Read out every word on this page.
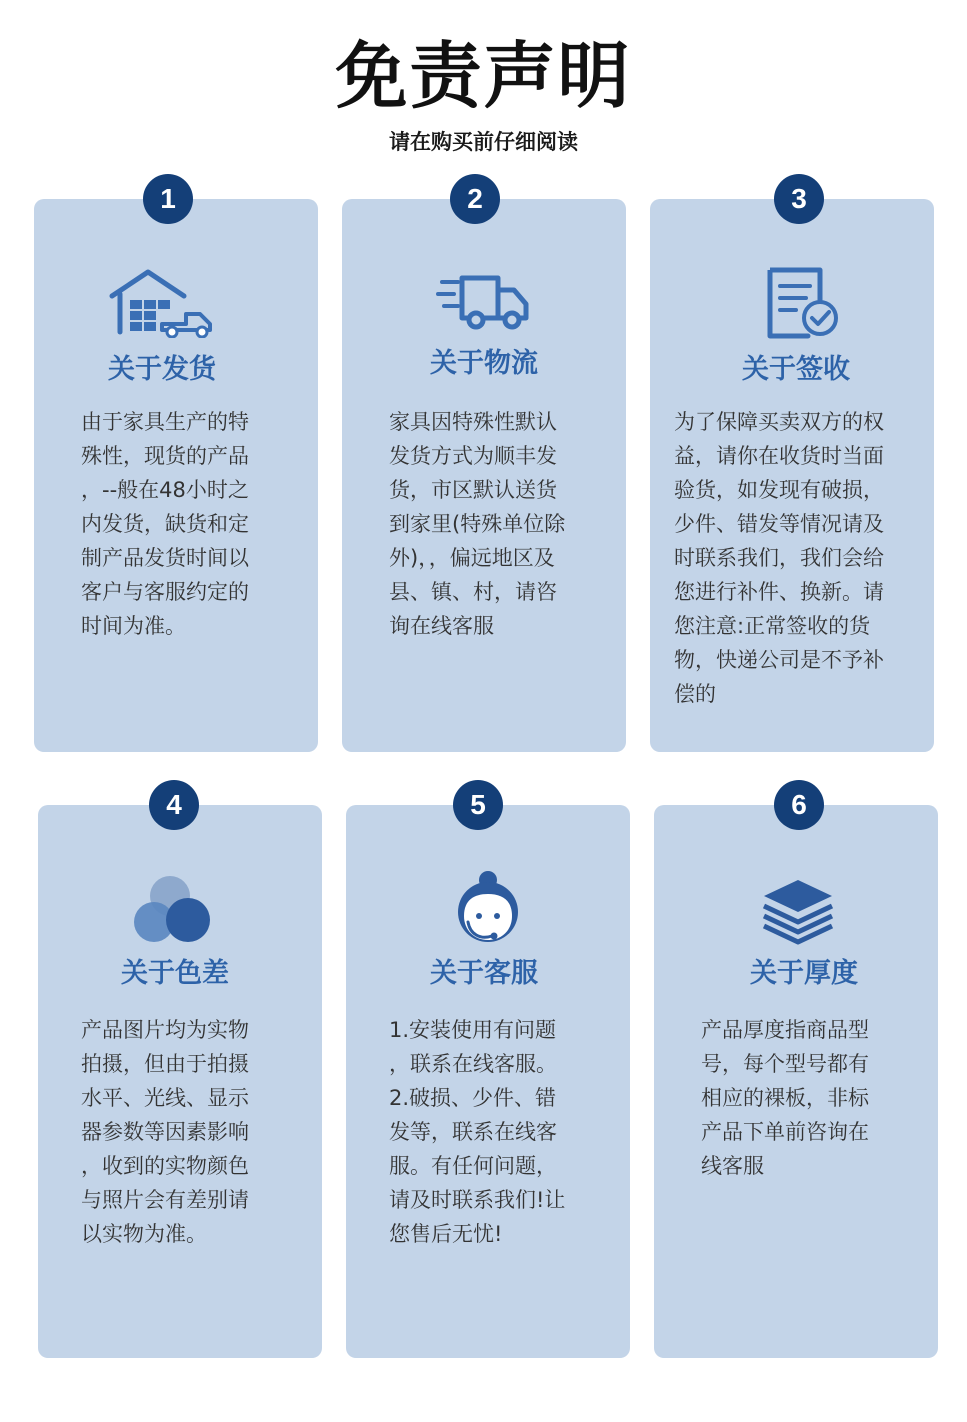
免责声明
请在购买前仔细阅读
1
关于发货
由于家具生产的特
殊性，现货的产品
，--般在48小时之
内发货，缺货和定
制产品发货时间以
客户与客服约定的
时间为准。
2
关于物流
家具因特殊性默认
发货方式为顺丰发
货，市区默认送货
到家里(特殊单位除
外)，，偏远地区及
县、镇、村，请咨
询在线客服
3
关于签收
为了保障买卖双方的权
益，请你在收货时当面
验货，如发现有破损，
少件、错发等情况请及
时联系我们，我们会给
您进行补件、换新。请
您注意:正常签收的货
物，快递公司是不予补
偿的
4
关于色差
产品图片均为实物
拍摄，但由于拍摄
水平、光线、显示
器参数等因素影响
，收到的实物颜色
与照片会有差别请
以实物为准。
5
关于客服
1.安装使用有问题
，联系在线客服。
2.破损、少件、错
发等，联系在线客
服。有任何问题，
请及时联系我们!让
您售后无忧!
6
关于厚度
产品厚度指商品型
号，每个型号都有
相应的裸板，非标
产品下单前咨询在
线客服
